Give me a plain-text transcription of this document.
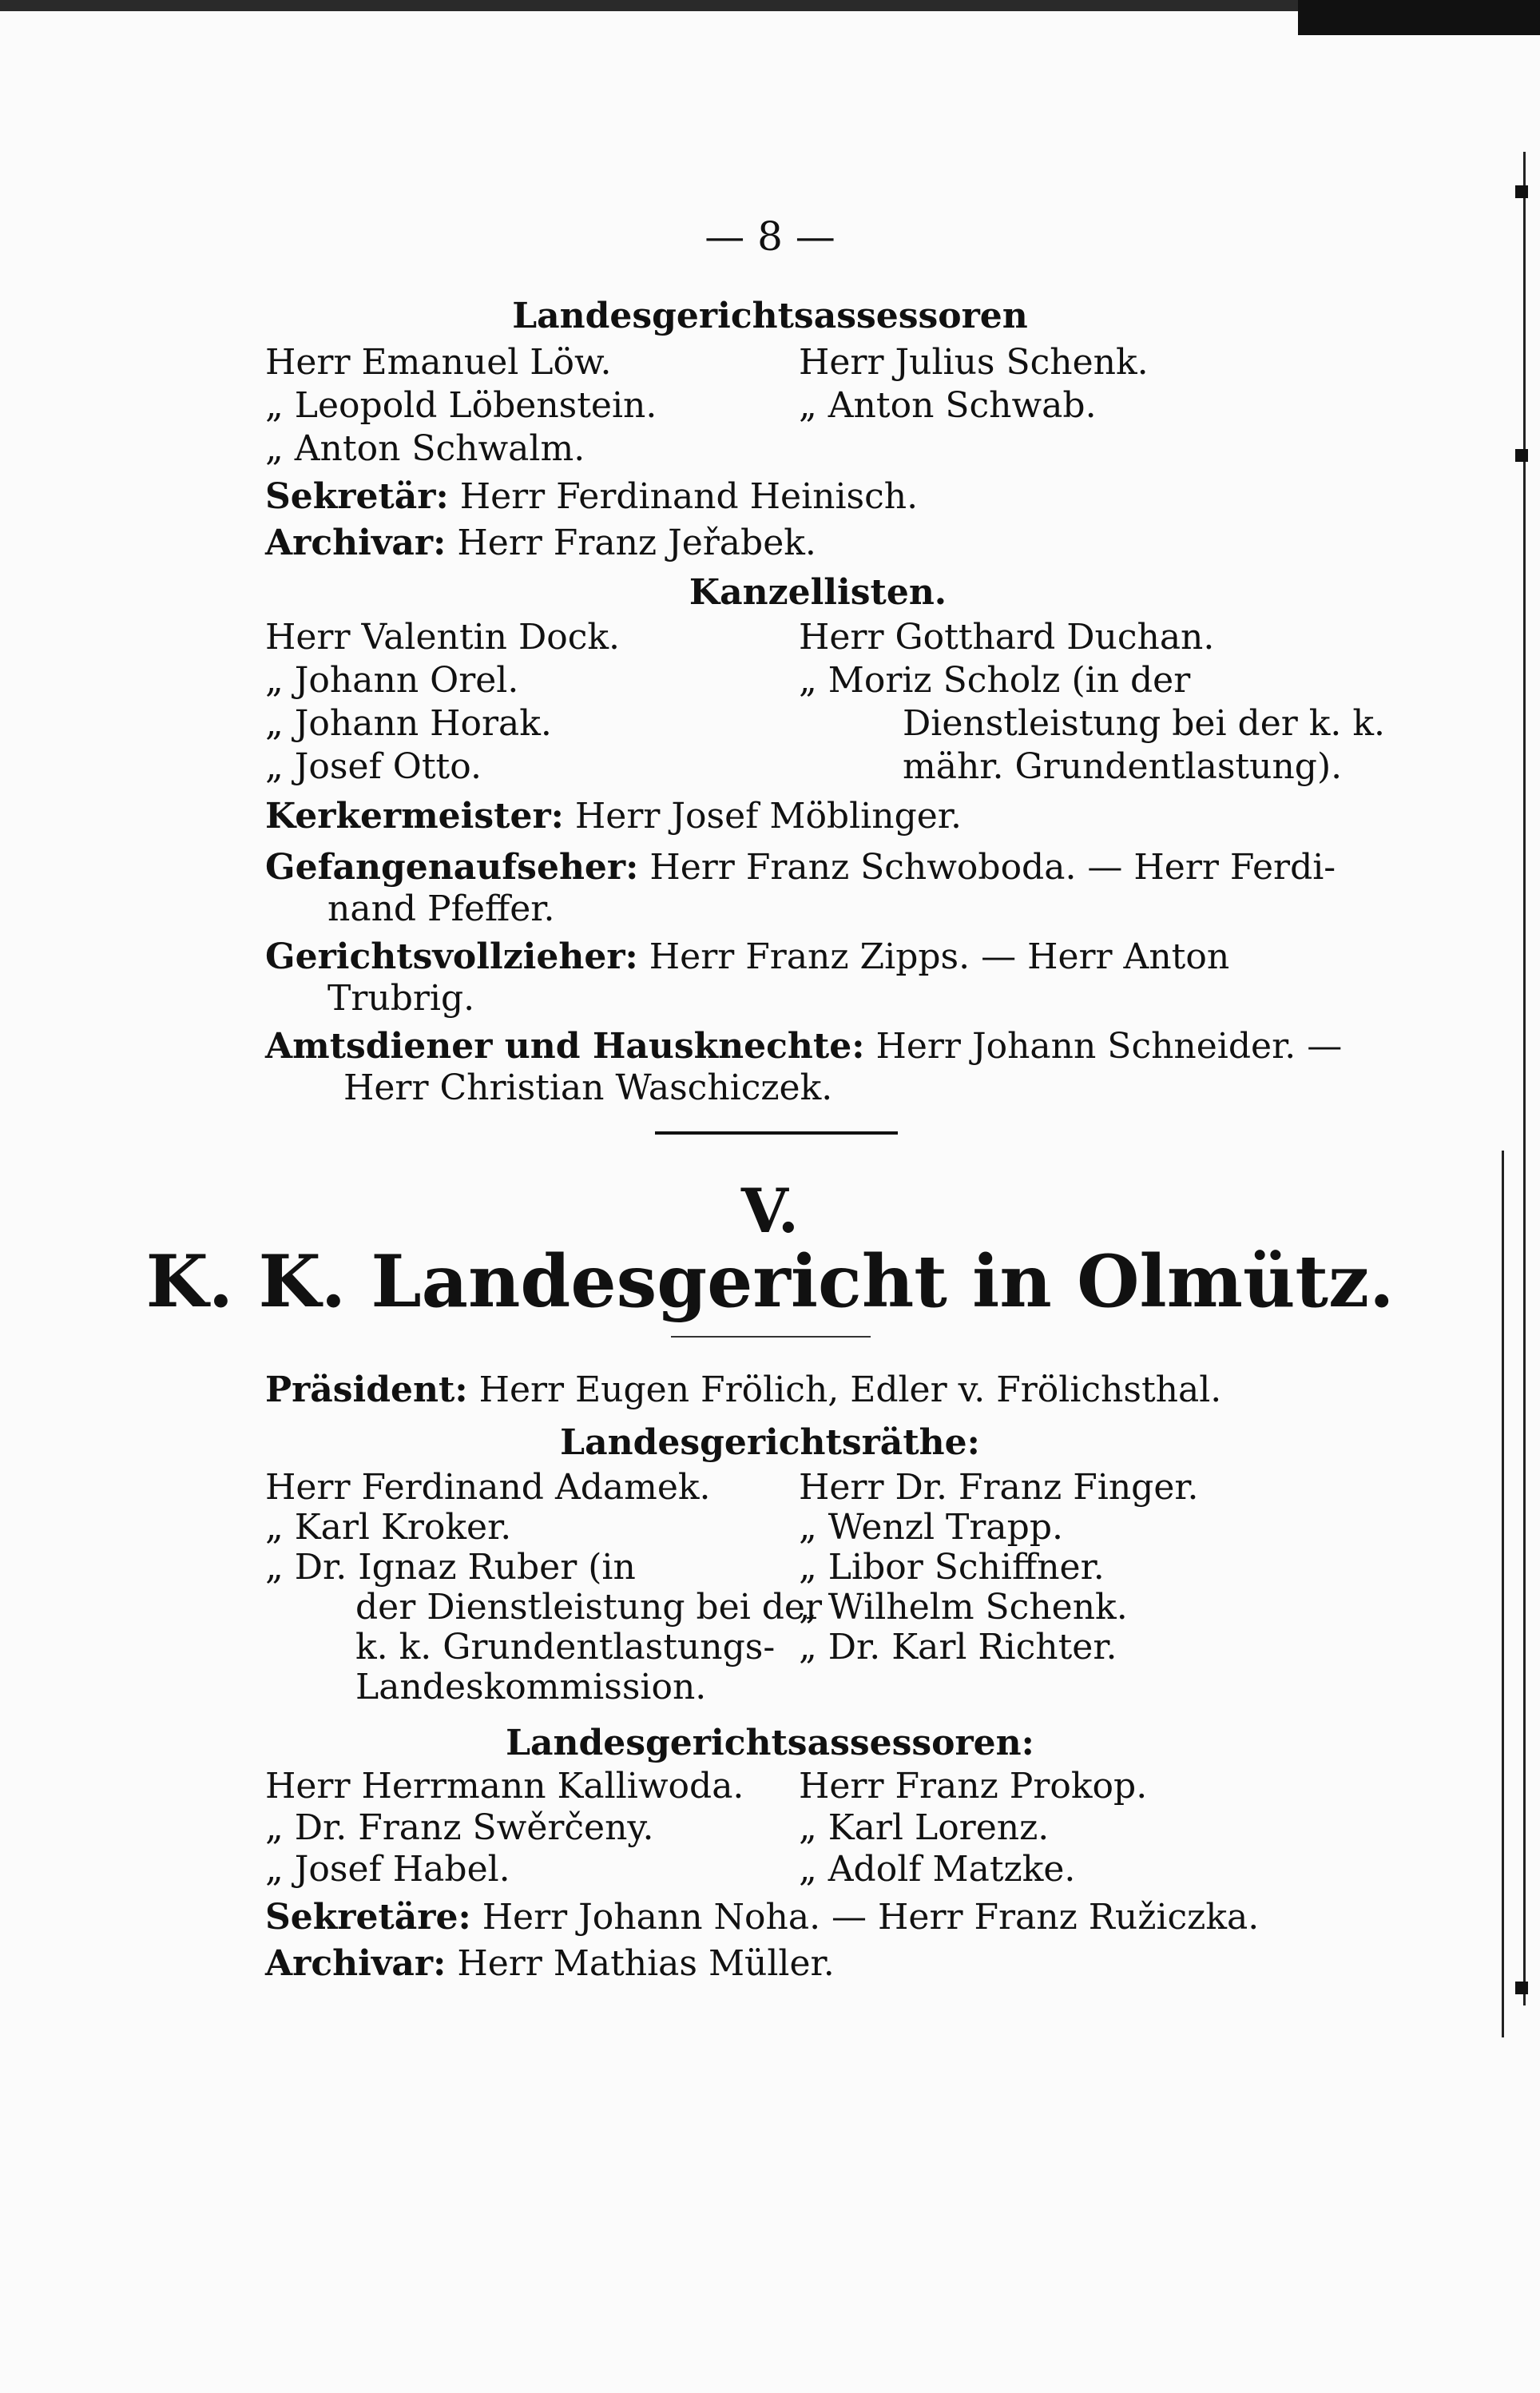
— 8 —
Landesgerichtsassessoren
Herr Emanuel Löw.
„ Leopold Löbenstein.
„ Anton Schwalm.
Herr Julius Schenk.
„ Anton Schwab.
Sekretär: Herr Ferdinand Heinisch.
Archivar: Herr Franz Jeřabek.
Kanzellisten.
Herr Valentin Dock.
„ Johann Orel.
„ Johann Horak.
„ Josef Otto.
Herr Gotthard Duchan.
„ Moriz Scholz (in der
Dienstleistung bei der k. k.
mähr. Grundentlastung).
Kerkermeister: Herr Josef Möblinger.
Gefangenaufseher: Herr Franz Schwoboda. — Herr Ferdi-
nand Pfeffer.
Gerichtsvollzieher: Herr Franz Zipps. — Herr Anton
Trubrig.
Amtsdiener und Hausknechte: Herr Johann Schneider. —
Herr Christian Waschiczek.
V.
K. K. Landesgericht in Olmütz.
Präsident: Herr Eugen Frölich, Edler v. Frölichsthal.
Landesgerichtsräthe:
Herr Ferdinand Adamek.
„ Karl Kroker.
„ Dr. Ignaz Ruber (in
der Dienstleistung bei der
k. k. Grundentlastungs-
Landeskommission.
Herr Dr. Franz Finger.
„ Wenzl Trapp.
„ Libor Schiffner.
„ Wilhelm Schenk.
„ Dr. Karl Richter.
Landesgerichtsassessoren:
Herr Herrmann Kalliwoda.
„ Dr. Franz Swěrčeny.
„ Josef Habel.
Herr Franz Prokop.
„ Karl Lorenz.
„ Adolf Matzke.
Sekretäre: Herr Johann Noha. — Herr Franz Ružiczka.
Archivar: Herr Mathias Müller.
